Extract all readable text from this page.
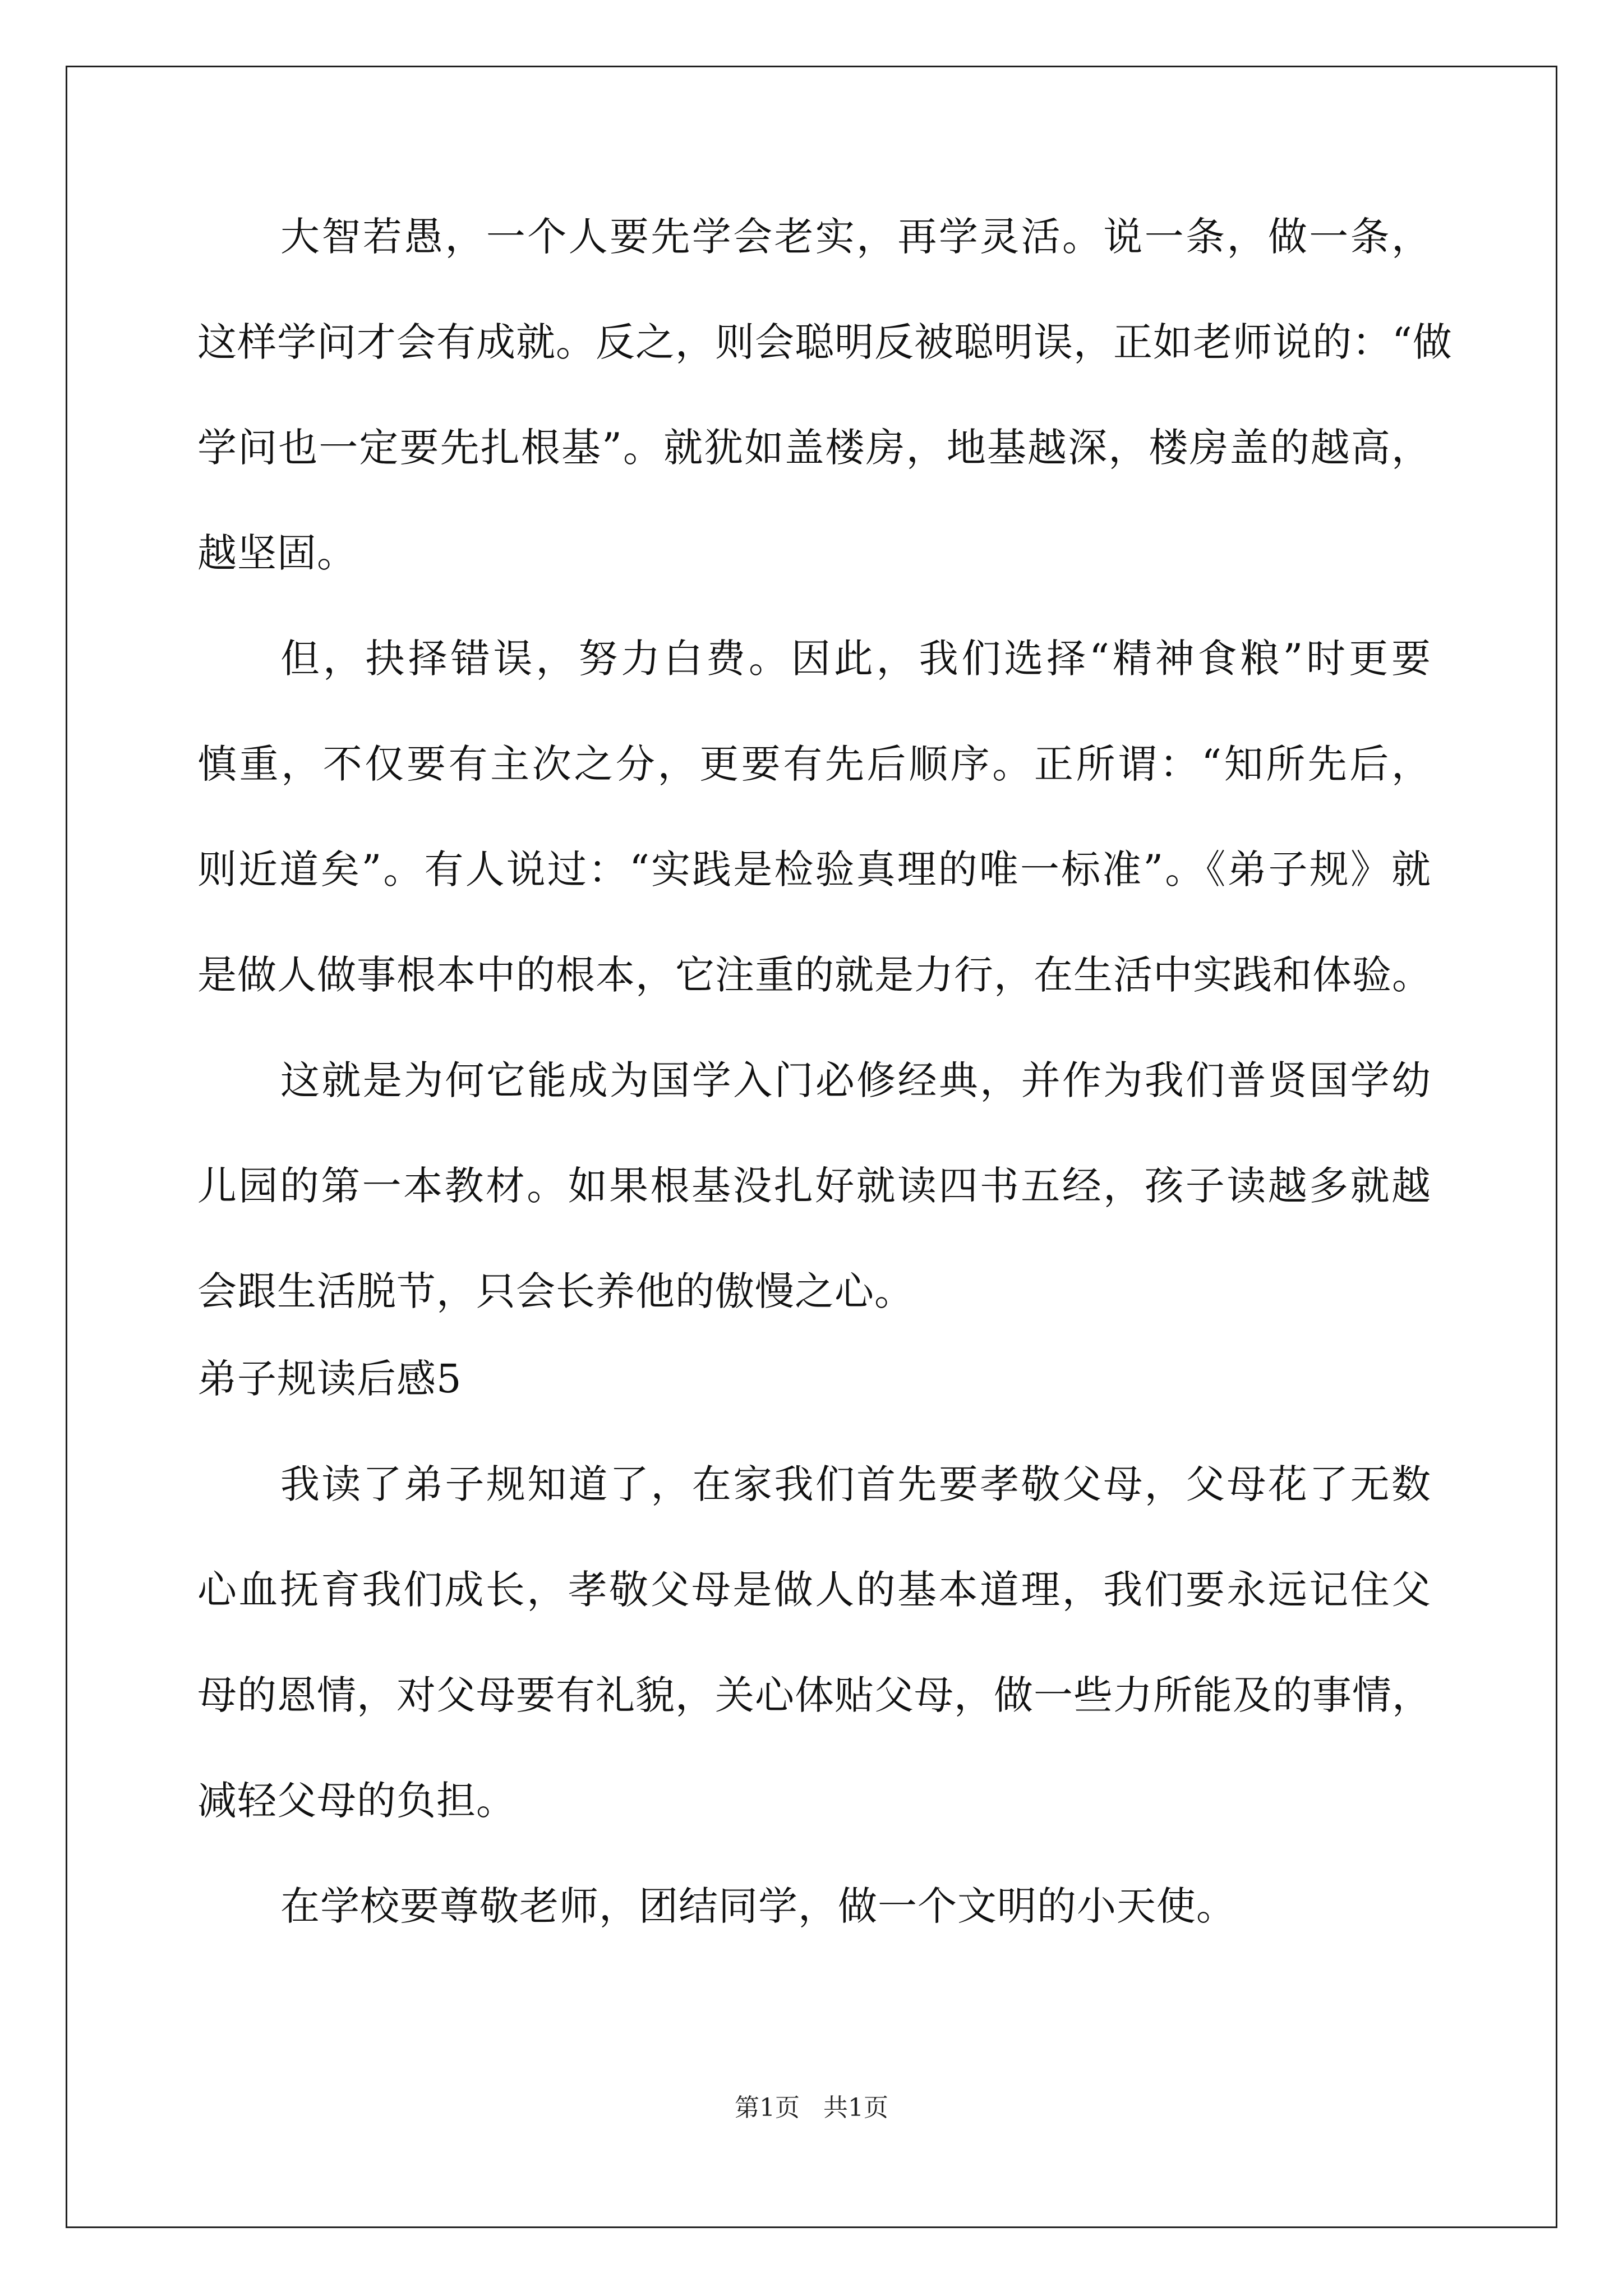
大智若愚，一个人要先学会老实，再学灵活。说一条，做一条，
这样学问才会有成就。反之，则会聪明反被聪明误，正如老师说的：“做
学问也一定要先扎根基”。就犹如盖楼房，地基越深，楼房盖的越高，
越坚固。
但，抉择错误，努力白费。因此，我们选择“精神食粮”时更要
慎重，不仅要有主次之分，更要有先后顺序。正所谓：“知所先后，
则近道矣”。有人说过：“实践是检验真理的唯一标准”。《弟子规》就
是做人做事根本中的根本，它注重的就是力行，在生活中实践和体验。
这就是为何它能成为国学入门必修经典，并作为我们普贤国学幼
儿园的第一本教材。如果根基没扎好就读四书五经，孩子读越多就越
会跟生活脱节，只会长养他的傲慢之心。
弟子规读后感5
我读了弟子规知道了，在家我们首先要孝敬父母，父母花了无数
心血抚育我们成长，孝敬父母是做人的基本道理，我们要永远记住父
母的恩情，对父母要有礼貌，关心体贴父母，做一些力所能及的事情，
减轻父母的负担。
在学校要尊敬老师，团结同学，做一个文明的小天使。
第1页   共1页
